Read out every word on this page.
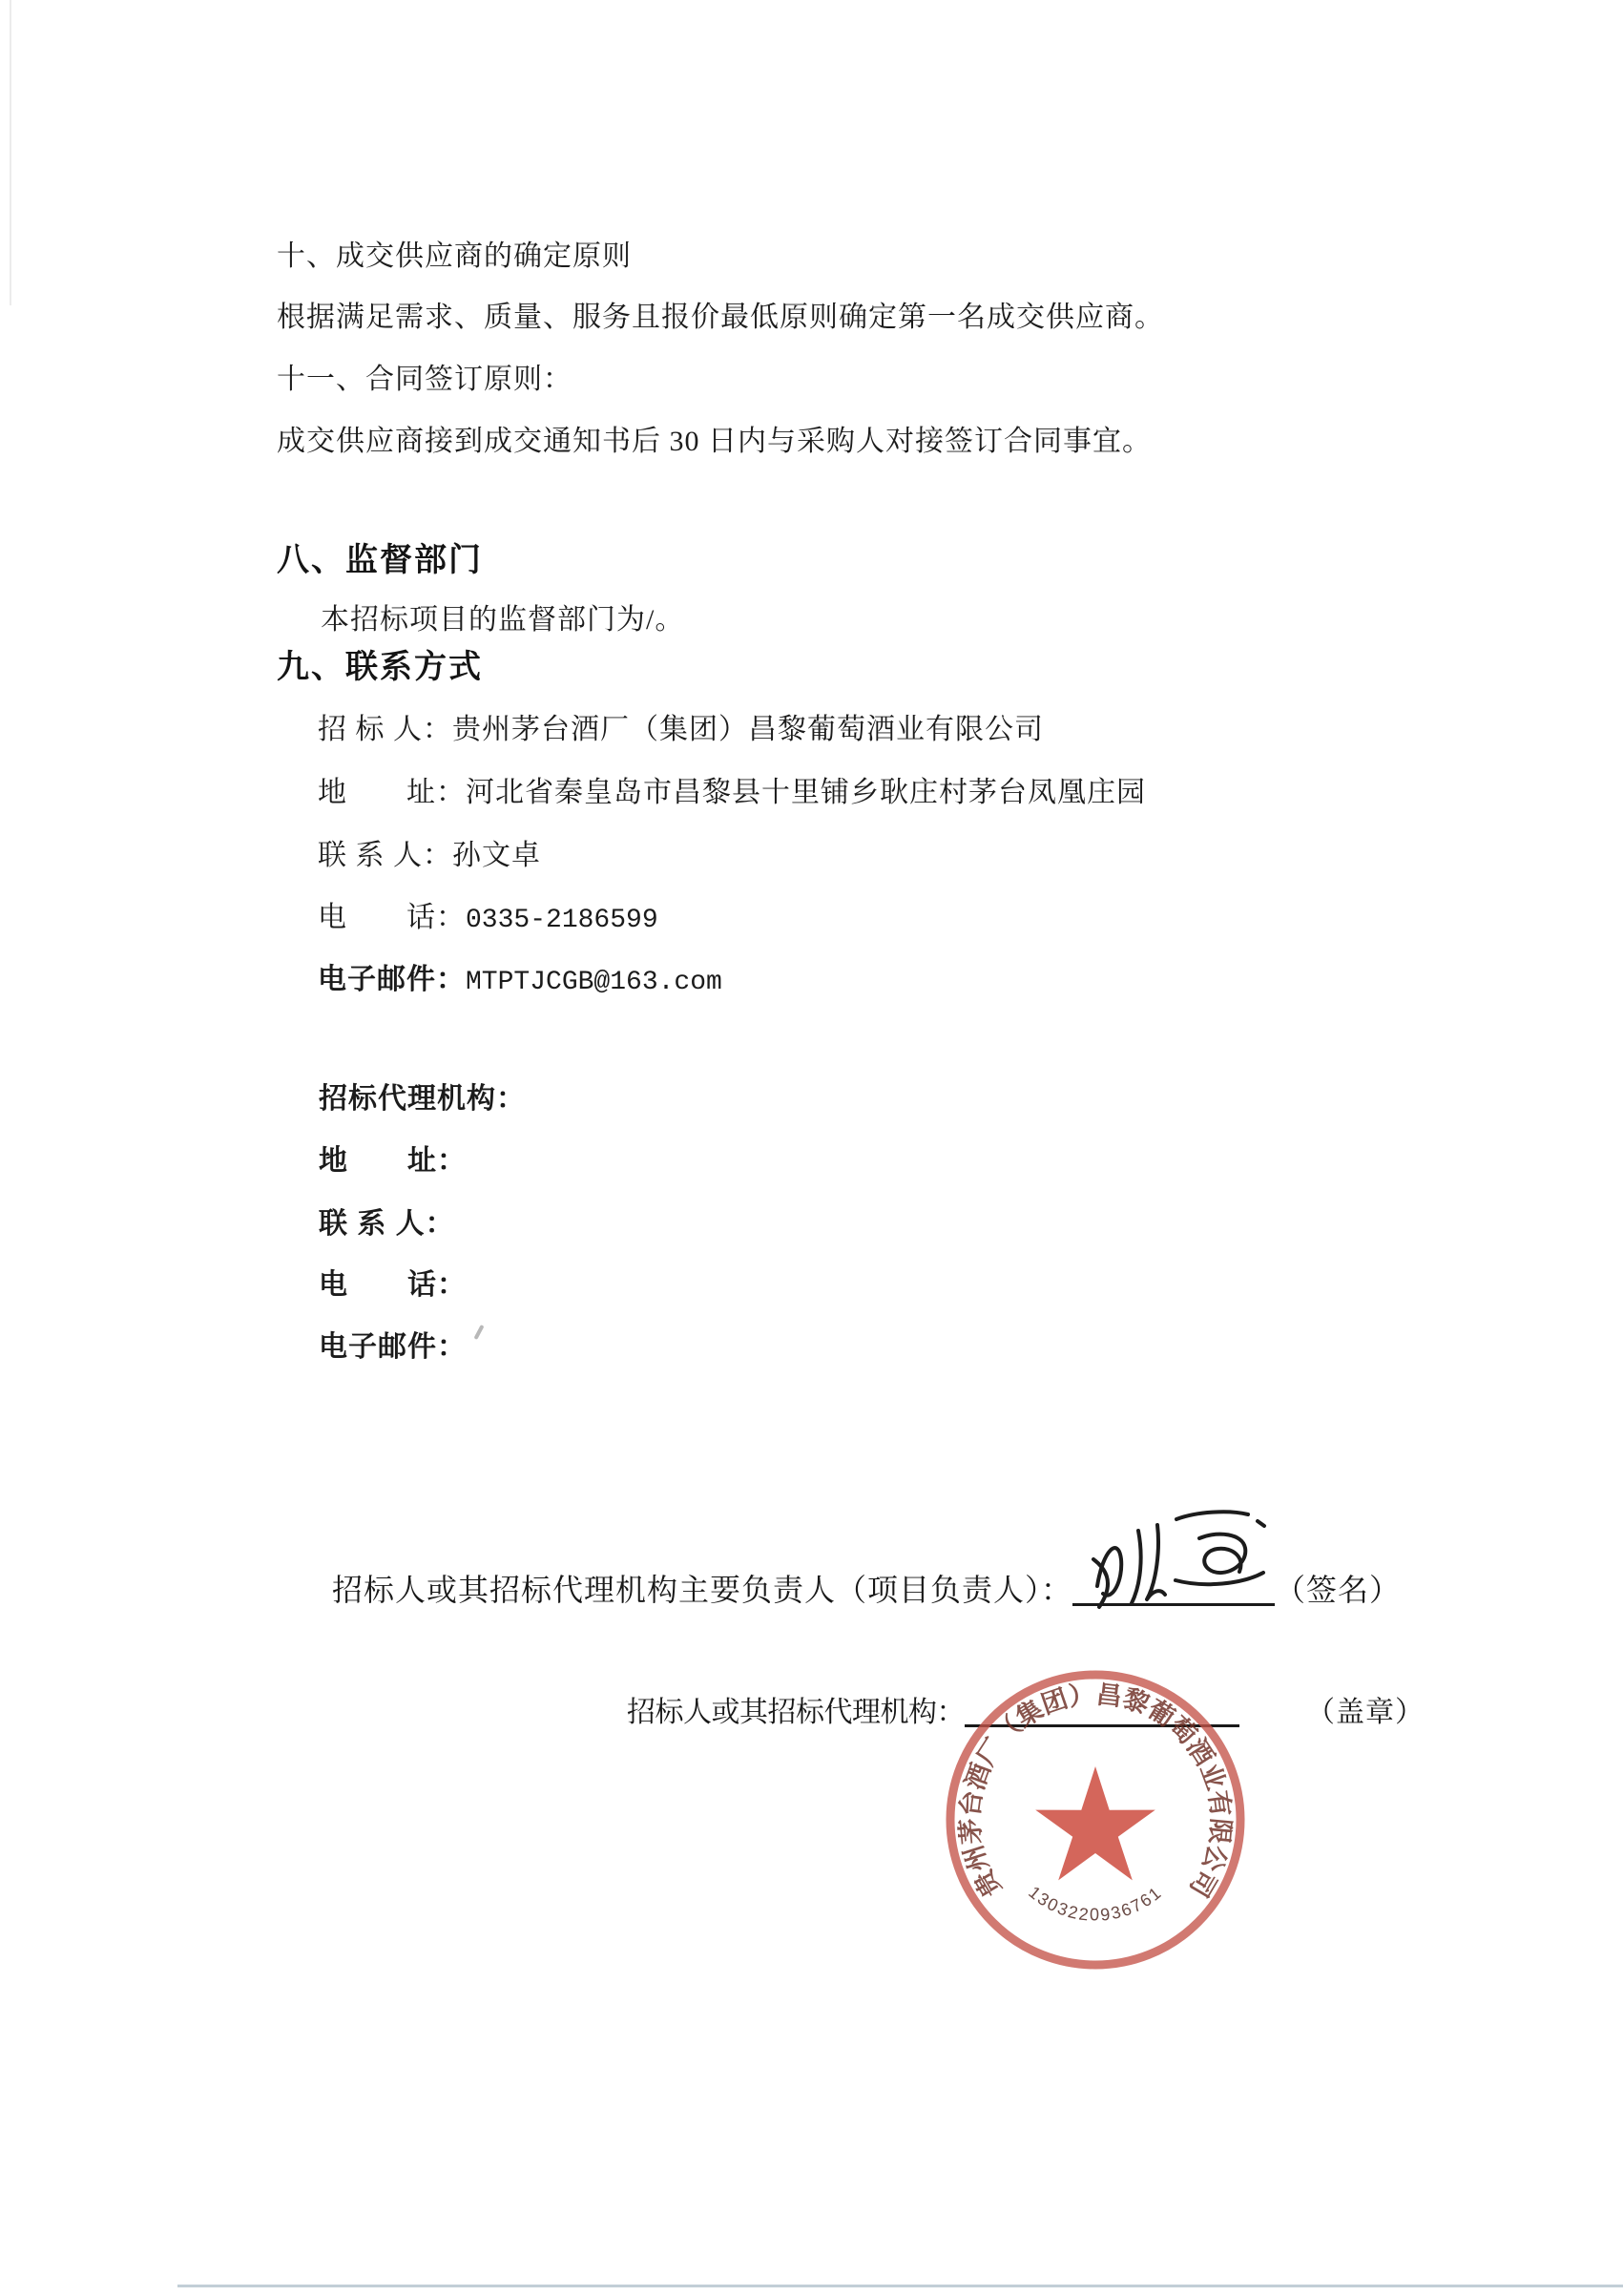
十、成交供应商的确定原则
根据满足需求、质量、服务且报价最低原则确定第一名成交供应商。
十一、合同签订原则：
成交供应商接到成交通知书后 30 日内与采购人对接签订合同事宜。
八、监督部门
本招标项目的监督部门为/。
九、联系方式
招 标 人：贵州茅台酒厂（集团）昌黎葡萄酒业有限公司
地　　址：河北省秦皇岛市昌黎县十里铺乡耿庄村茅台凤凰庄园
联 系 人：孙文卓
电　　话：0335-2186599
电子邮件：MTPTJCGB@163.com
招标代理机构：
地　　址：
联 系 人：
电　　话：
电子邮件：
招标人或其招标代理机构主要负责人（项目负责人）：	（签名）
招标人或其招标代理机构：	（盖章）
贵州茅台酒厂（集团）昌黎葡萄酒业有限公司
1303220936761
